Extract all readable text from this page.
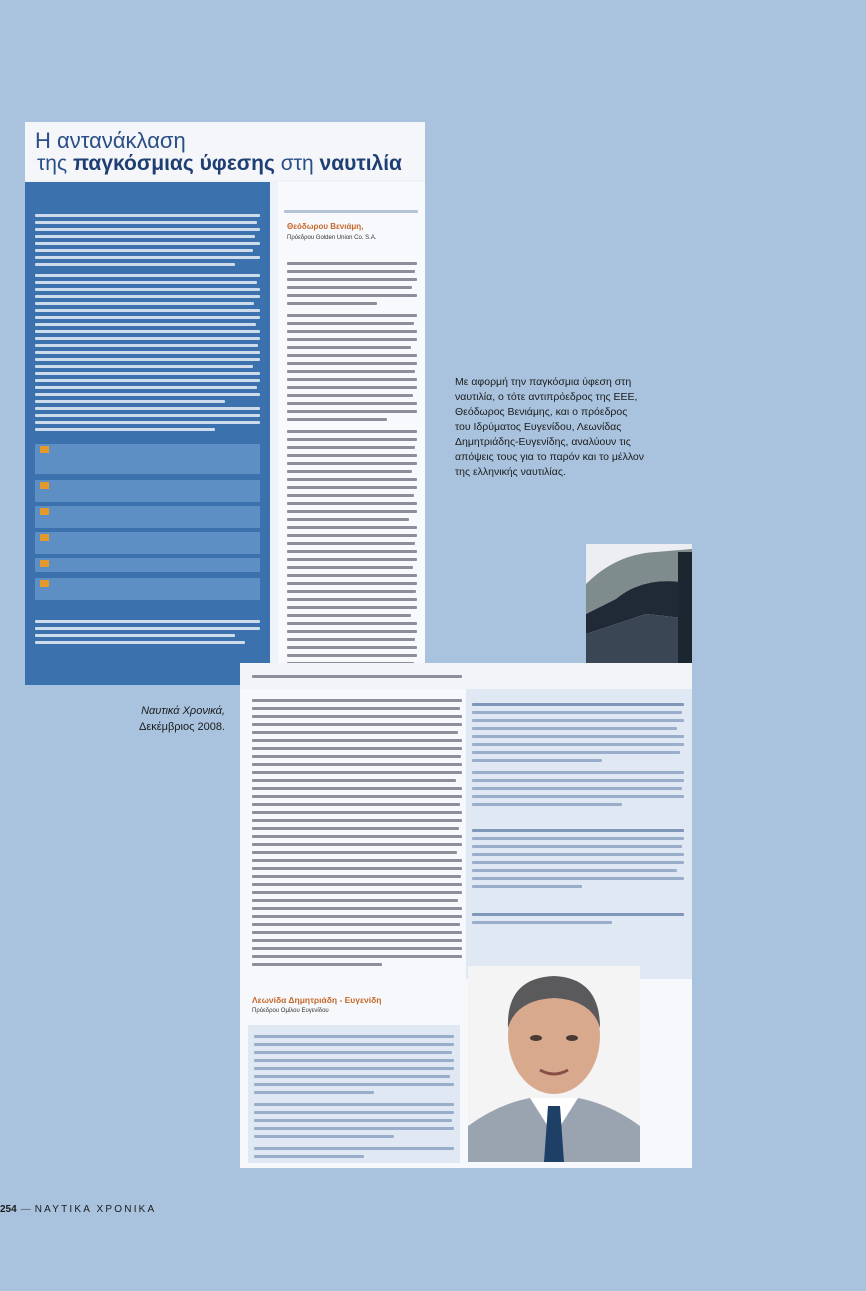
Η αντανάκλαση
της παγκόσμιας ύφεσης στη ναυτιλία
Θεόδωρου Βενιάμη,
Πρόεδρου Golden Union Co. S.A.
Με αφορμή την παγκόσμια ύφεση στη ναυτιλία, ο τότε αντιπρόεδρος της ΕΕΕ, Θεόδωρος Βενιάμης, και ο πρόεδρος του Ιδρύματος Ευγενίδου, Λεωνίδας Δημητριάδης-Ευγενίδης, αναλύουν τις απόψεις τους για το παρόν και το μέλλον της ελληνικής ναυτιλίας.
Λεωνίδα Δημητριάδη - Ευγενίδη
Πρόεδρου Ομίλου Ευγενίδου
Ναυτικά Χρονικά,
Δεκέμβριος 2008.
254 — ΝΑΥΤΙΚΑ ΧΡΟΝΙΚΑ
